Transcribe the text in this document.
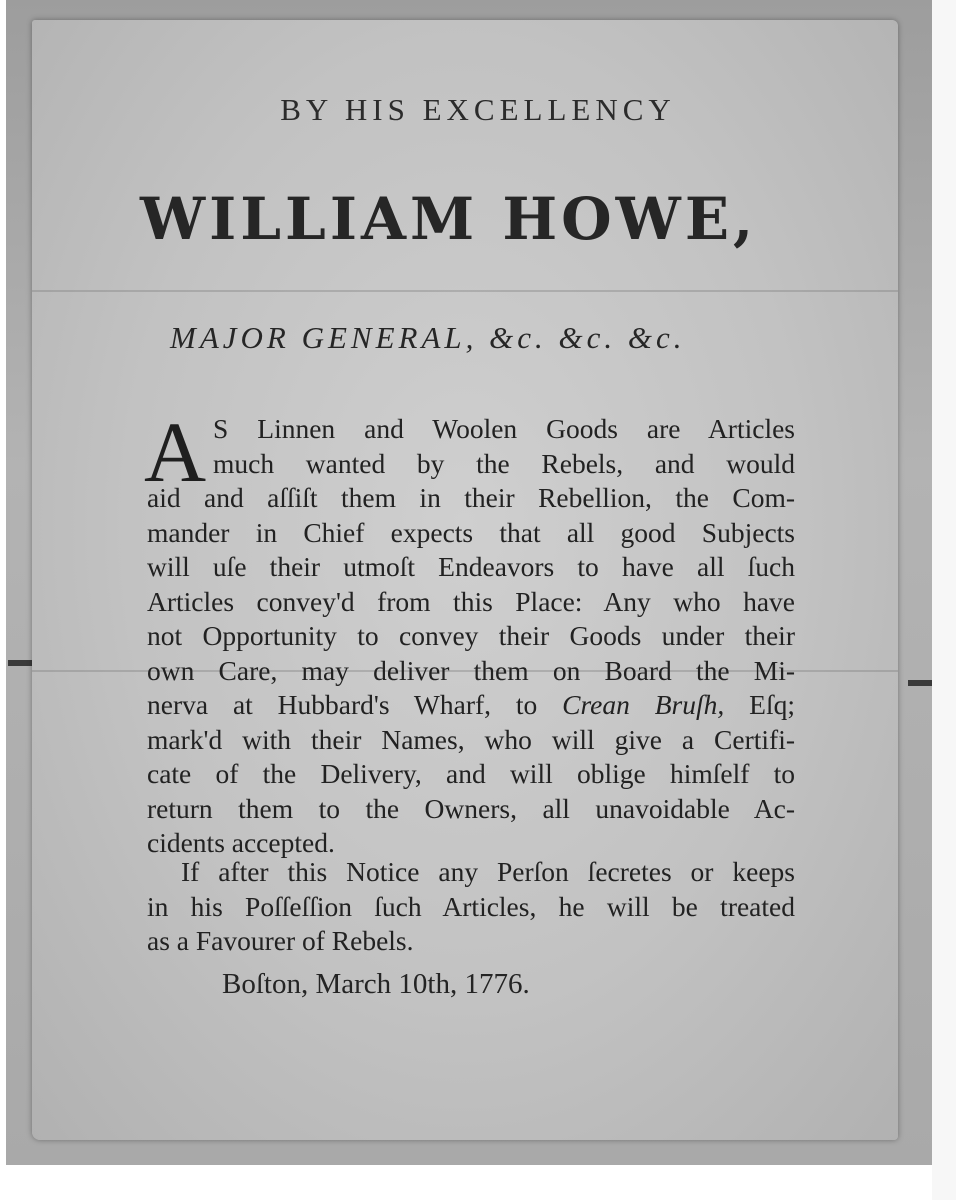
BY HIS EXCELLENCY
WILLIAM HOWE,
MAJOR GENERAL, &c. &c. &c.
A S Linnen and Woolen Goods are Articles
much wanted by the Rebels, and would
aid and aſſiſt them in their Rebellion, the Com-
mander in Chief expects that all good Subjects
will uſe their utmoſt Endeavors to have all ſuch
Articles convey'd from this Place: Any who have
not Opportunity to convey their Goods under their
own Care, may deliver them on Board the Mi-
nerva at Hubbard's Wharf, to Crean Bruſh, Eſq;
mark'd with their Names, who will give a Certifi-
cate of the Delivery, and will oblige himſelf to
return them to the Owners, all unavoidable Ac-
cidents accepted.
If after this Notice any Perſon ſecretes or keeps
in his Poſſeſſion ſuch Articles, he will be treated
as a Favourer of Rebels.
Boſton, March 10th, 1776.
